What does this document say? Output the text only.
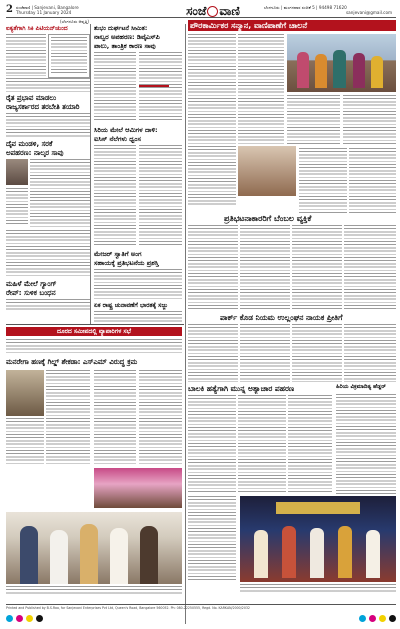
2 ಸಂಜೆವಾಣಿ | Sanjevani, Bangalore
Thursday 11 January 2024	ಸಂಜೆ ವಾಣಿ	ಬೆಂಗಳೂರು | ಮಂಗಳವಾರ ಸಂಚಿಕೆ 5 | 94498 71620
sanjevani@gmail.com
(ಬೆಂಗಳೂರು ಆವೃತ್ತಿ)
ಐಕ್ಯತೆಗಾಗಿ ಸಿಕಿ ಪಿಟಿಯನ್‌ಚುಂದ
ರೈತ ಪ್ರಭಾವ ಮಾಡಲು
ರಾಜ್ಯಸರ್ಕಾರದ ತರಬೇತಿ ತಯಾರಿ
ದೈವ ಮಂಡಳಿ, ಸರಕೆ
ಅಪಹರಣ: ನಾಲ್ಕರ ಸಾವು
ಮಹಿಳೆ ಮೇಲೆ ಗ್ಯಾಂಗ್
ರೇಪ್: ಸುಳಿಕ ಬಂಧನ
ಶುಭಂ ದುರ್ಘಟನೆ ಸೀಮಿತ:
ನಾಲ್ವರ ಅಪಹರಣ: ಡಿವೈಎಸ್‌ಪಿ
ಪಾಲು, ತಾಂತ್ರಿಕ ಕಾರಣ ಸಾವು
ಸಿರಿಯ ಮೇಲೆ ಆಮಿಗಳ ದಾಳಿ:
ಐಸಿಸ್ ನೆಲೆಗಳು ಧ್ವಂಸ
ಮೇಜರ್ ಸ್ವಾತಿಗೆ ಅಂಗ
ಸಹಾಯಕ್ಕೆ ಪ್ರತಿಭಟನೆಯ ಪ್ರಶಸ್ತಿ
ಏಕ ರಾಷ್ಟ್ರ ಚುನಾವಣೆಗೆ ಭಾರತಕ್ಕೆ ಸಜ್ಜು
ಪೌರಕಾರ್ಮಿಕರ ಸನ್ಮಾನ, ವಾಣಿಪಾಣೆಗೆ ಚಾಲನೆ
ಪ್ರತಿಭಟನಾಕಾರರಿಗೆ ಬೆಂಬಲ ವ್ಯಕ್ತಿಕೆ
ಪಾರ್ಕ್ ಕೊಡ ನಿಯಮ ಉಲ್ಲಂಘನ ನಾಯಕ ಪ್ರೀತಿಗೆ
ಬಾಲಕಿ ಹತ್ಯೆಗಾಗಿ ಮುನ್ನ ಅತ್ಯಾಚಾರ ಪಹರಣ	ಹಿರಿಯ ವಿಕ್ರಮಾದಿತ್ಯ ಹೆಡ್ಡರ್
ದೂರದ ಸಮೀಪದಲ್ಲಿ ವ್ಯಾಪಾರಿಗಳ ಸಭೆ
ಮನರೇಗಾ ಹಣಕ್ಕೆ ಗಿಲ್ಡ್ ಶೇಕಡಾ: ಎಸ್‌ಎಮ್ ವಿರುದ್ಧ ಕ್ರಮ
Printed and Published by B.S.Rao, for Sanjevani Enterprises Pvt Ltd, Queen's Road, Bangalore 560052. Ph: 080-22250555, Regd. No. KARKAN/2000/2032
